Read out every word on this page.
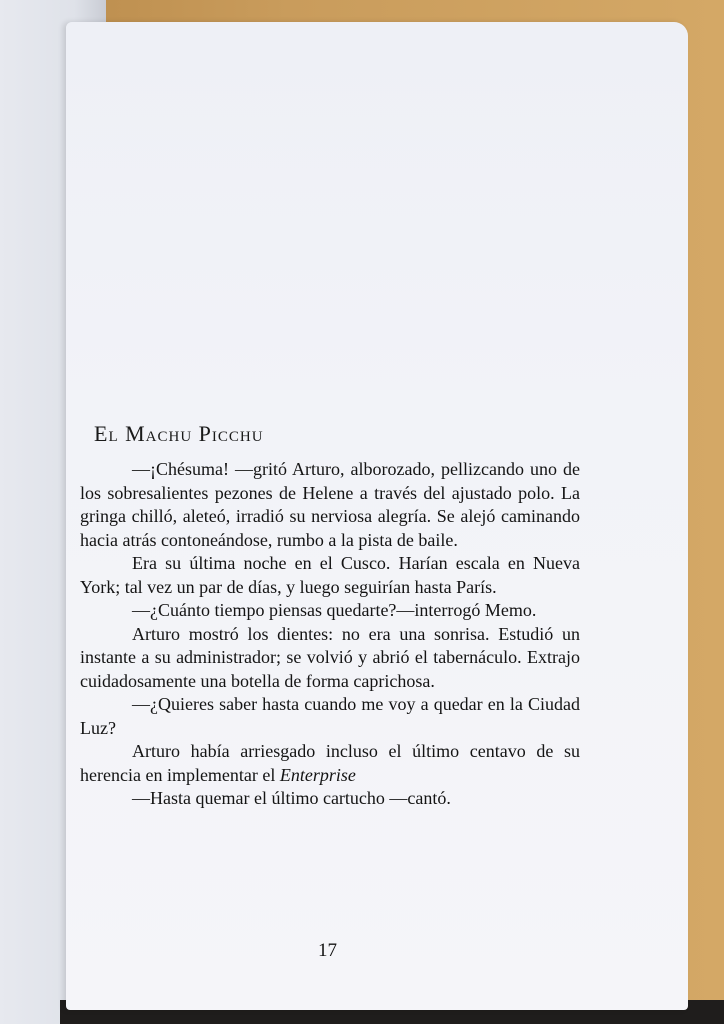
El Machu Picchu

—¡Chésuma! —gritó Arturo, alborozado, pellizcando uno de los sobresalientes pezones de Helene a través del ajustado polo. La gringa chilló, aleteó, irradió su nerviosa alegría. Se alejó caminando hacia atrás contoneándose, rumbo a la pista de baile.

Era su última noche en el Cusco. Harían escala en Nueva York; tal vez un par de días, y luego seguirían hasta París.

—¿Cuánto tiempo piensas quedarte?—interrogó Memo.

Arturo mostró los dientes: no era una sonrisa. Estudió un instante a su administrador; se volvió y abrió el tabernáculo. Extrajo cuidadosamente una botella de forma caprichosa.

—¿Quieres saber hasta cuando me voy a quedar en la Ciudad Luz?

Arturo había arriesgado incluso el último centavo de su herencia en implementar el Enterprise

—Hasta quemar el último cartucho —cantó.

17
